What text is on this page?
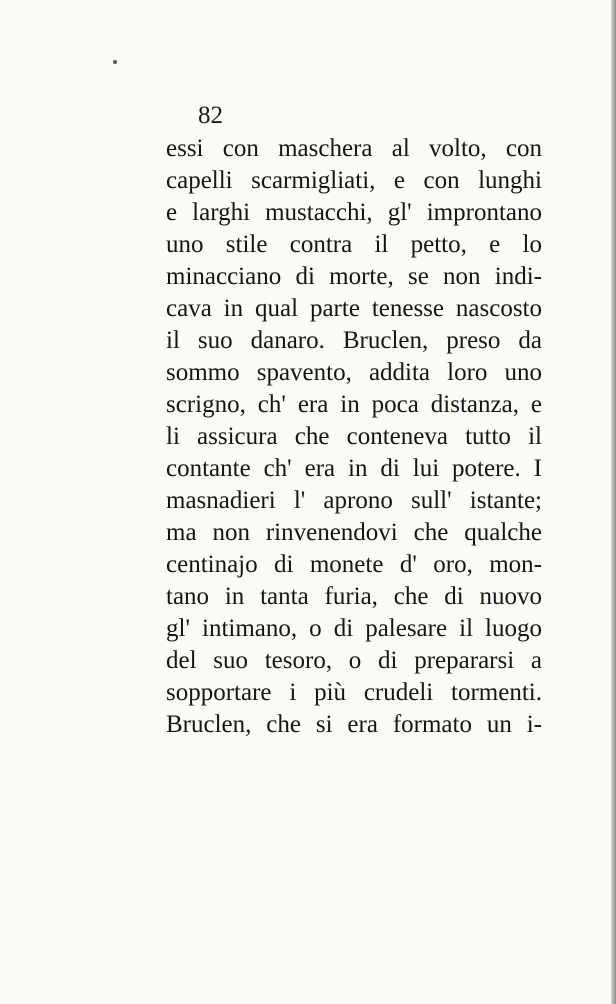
82
essi con maschera al volto, con
capelli scarmigliati, e con lunghi
e larghi mustacchi, gl' improntano
uno stile contra il petto, e lo
minacciano di morte, se non indi-
cava in qual parte tenesse nascosto
il suo danaro. Bruclen, preso da
sommo spavento, addita loro uno
scrigno, ch' era in poca distanza, e
li assicura che conteneva tutto il
contante ch' era in di lui potere. I
masnadieri l' aprono sull' istante;
ma non rinvenendovi che qualche
centinajo di monete d' oro, mon-
tano in tanta furia, che di nuovo
gl' intimano, o di palesare il luogo
del suo tesoro, o di prepararsi a
sopportare i più crudeli tormenti.
Bruclen, che si era formato un i-
